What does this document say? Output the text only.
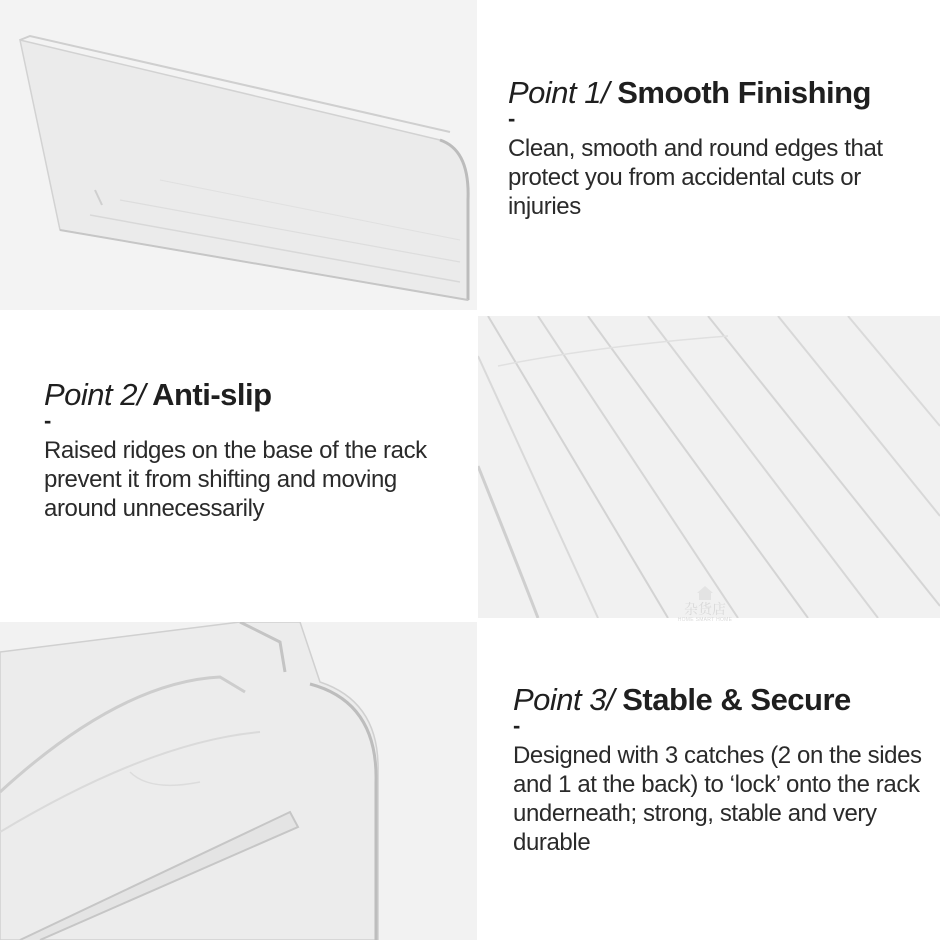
Point 1/ Smooth Finishing
-

Clean, smooth and round edges that protect you from accidental cuts or injuries

Point 2/ Anti-slip
-

Raised ridges on the base of the rack prevent it from shifting and moving around unnecessarily

杂货店
HOME SMART HOME
Point 3/ Stable & Secure
-

Designed with 3 catches (2 on the sides and 1 at the back) to ‘lock’ onto the rack underneath; strong, stable and very durable
